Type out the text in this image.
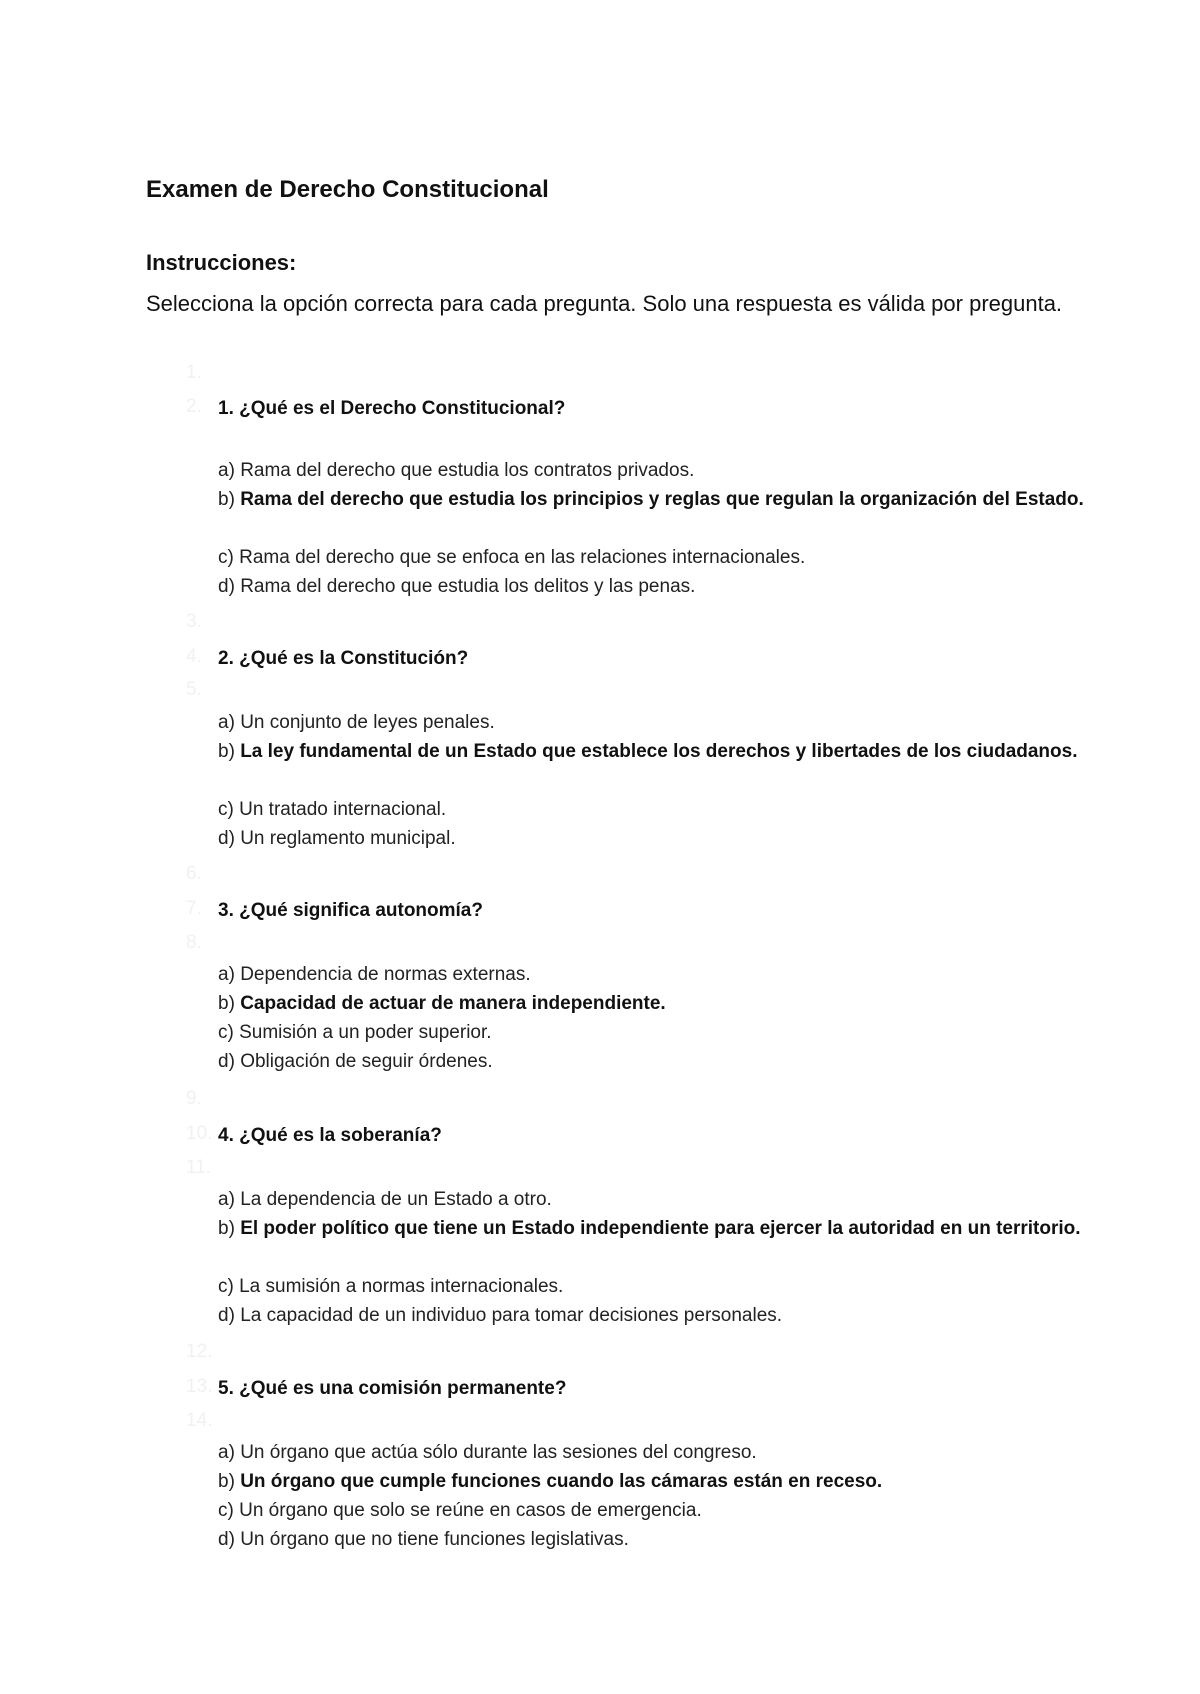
Examen de Derecho Constitucional
Instrucciones:

Selecciona la opción correcta para cada pregunta. Solo una respuesta es válida por pregunta.

1.
2.
3.
4.
5.
6.
7.
8.
9.
10.
11.
12.
13.
14.
1. ¿Qué es el Derecho Constitucional?
a) Rama del derecho que estudia los contratos privados.
b) Rama del derecho que estudia los principios y reglas que regulan la organización del Estado.
c) Rama del derecho que se enfoca en las relaciones internacionales.
d) Rama del derecho que estudia los delitos y las penas.
2. ¿Qué es la Constitución?
a) Un conjunto de leyes penales.
b) La ley fundamental de un Estado que establece los derechos y libertades de los ciudadanos.
c) Un tratado internacional.
d) Un reglamento municipal.
3. ¿Qué significa autonomía?
a) Dependencia de normas externas.
b) Capacidad de actuar de manera independiente.
c) Sumisión a un poder superior.
d) Obligación de seguir órdenes.
4. ¿Qué es la soberanía?
a) La dependencia de un Estado a otro.
b) El poder político que tiene un Estado independiente para ejercer la autoridad en un territorio.
c) La sumisión a normas internacionales.
d) La capacidad de un individuo para tomar decisiones personales.
5. ¿Qué es una comisión permanente?
a) Un órgano que actúa sólo durante las sesiones del congreso.
b) Un órgano que cumple funciones cuando las cámaras están en receso.
c) Un órgano que solo se reúne en casos de emergencia.
d) Un órgano que no tiene funciones legislativas.
